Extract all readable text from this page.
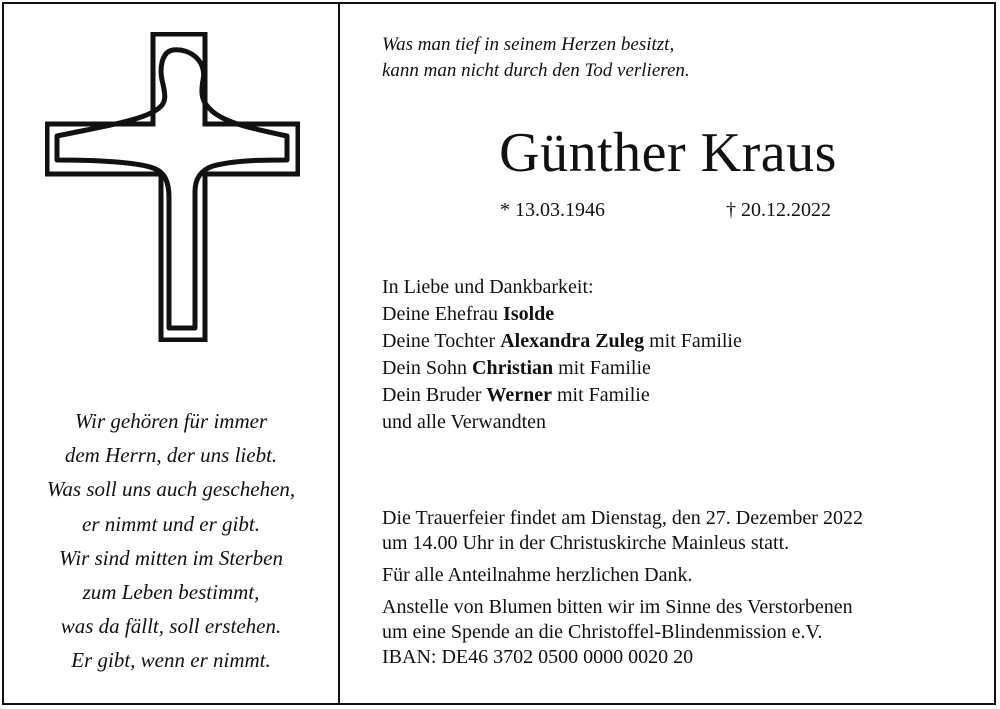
Wir gehören für immer
dem Herrn, der uns liebt.
Was soll uns auch geschehen,
er nimmt und er gibt.
Wir sind mitten im Sterben
zum Leben bestimmt,
was da fällt, soll erstehen.
Er gibt, wenn er nimmt.
Was man tief in seinem Herzen besitzt,
kann man nicht durch den Tod verlieren.
Günther Kraus
* 13.03.1946	† 20.12.2022
In Liebe und Dankbarkeit:
Deine Ehefrau Isolde
Deine Tochter Alexandra Zuleg mit Familie
Dein Sohn Christian mit Familie
Dein Bruder Werner mit Familie
und alle Verwandten
Die Trauerfeier findet am Dienstag, den 27. Dezember 2022
um 14.00 Uhr in der Christuskirche Mainleus statt.
Für alle Anteilnahme herzlichen Dank.
Anstelle von Blumen bitten wir im Sinne des Verstorbenen
um eine Spende an die Christoffel-Blindenmission e.V.
IBAN: DE46 3702 0500 0000 0020 20
